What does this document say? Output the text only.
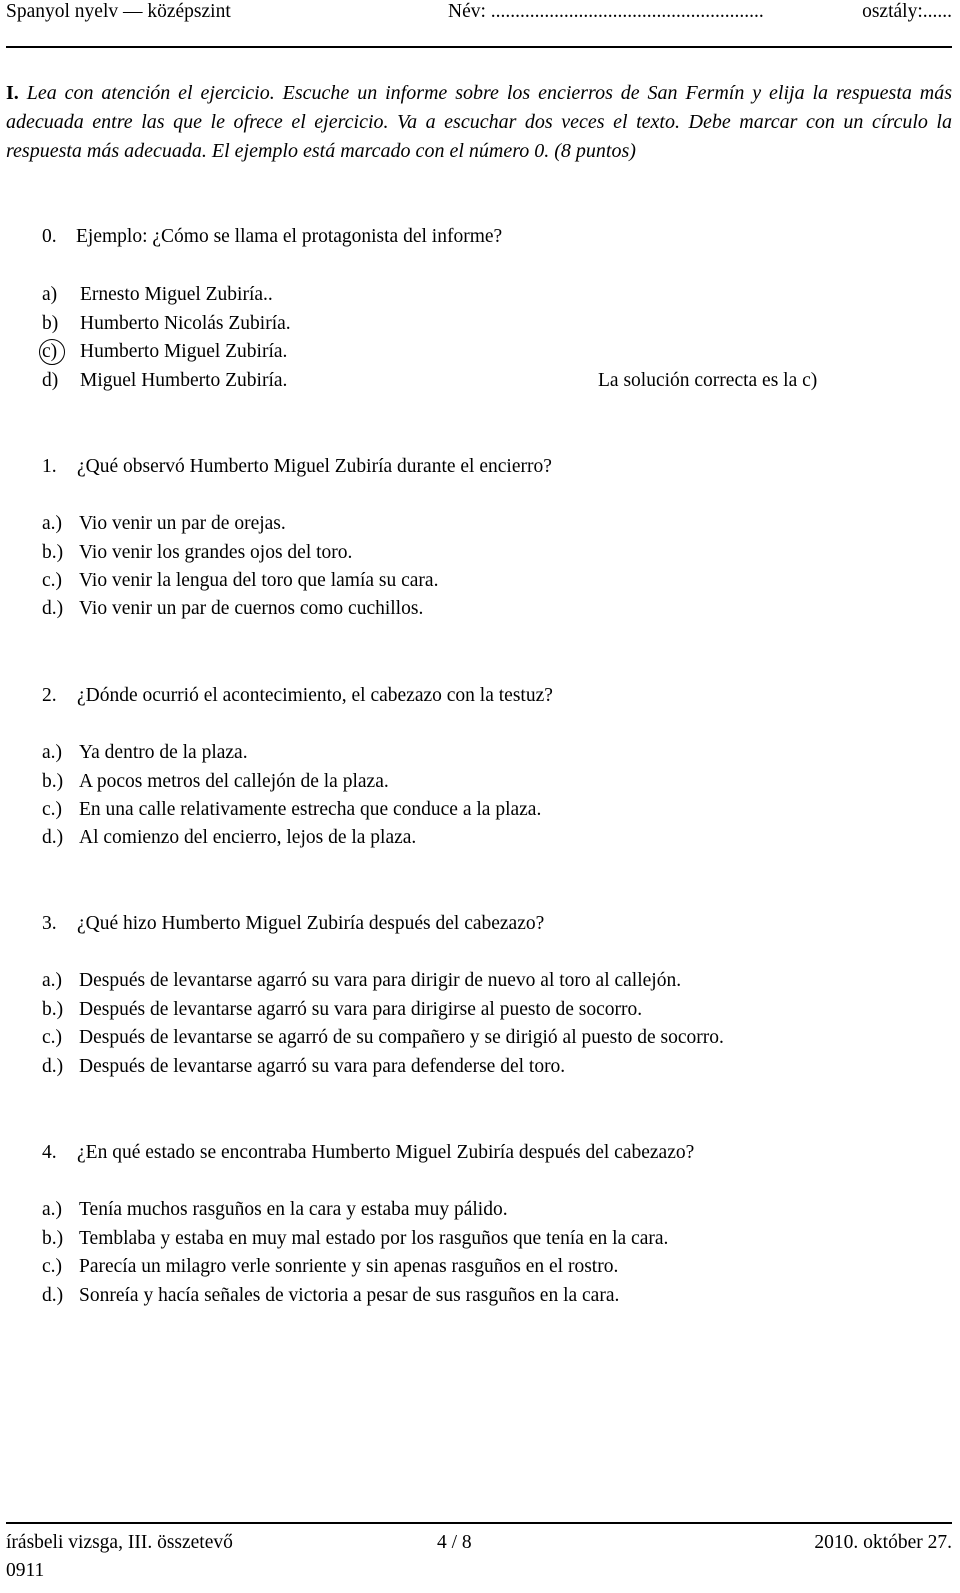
Spanyol nyelv — középszint	Név: ........................................................	osztály:......
I. Lea con atención el ejercicio. Escuche un informe sobre los encierros de San Fermín y elija la respuesta más adecuada entre las que le ofrece el ejercicio. Va a escuchar dos veces el texto. Debe marcar con un círculo la respuesta más adecuada. El ejemplo está marcado con el número 0. (8 puntos)
0. Ejemplo: ¿Cómo se llama el protagonista del informe?
a) Ernesto Miguel Zubiría..
b) Humberto Nicolás Zubiría.
c) Humberto Miguel Zubiría.
d) Miguel Humberto Zubiría.	La solución correcta es la c)
1. ¿Qué observó Humberto Miguel Zubiría durante el encierro?
a.) Vio venir un par de orejas.
b.) Vio venir los grandes ojos del toro.
c.) Vio venir la lengua del toro que lamía su cara.
d.) Vio venir un par de cuernos como cuchillos.
2. ¿Dónde ocurrió el acontecimiento, el cabezazo con la testuz?
a.) Ya dentro de la plaza.
b.) A pocos metros del callejón de la plaza.
c.) En una calle relativamente estrecha que conduce a la plaza.
d.) Al comienzo del encierro, lejos de la plaza.
3. ¿Qué hizo Humberto Miguel Zubiría después del cabezazo?
a.) Después de levantarse agarró su vara para dirigir de nuevo al toro al callejón.
b.) Después de levantarse agarró su vara para dirigirse al puesto de socorro.
c.) Después de levantarse se agarró de su compañero y se dirigió al puesto de socorro.
d.) Después de levantarse agarró su vara para defenderse del toro.
4. ¿En qué estado se encontraba Humberto Miguel Zubiría después del cabezazo?
a.) Tenía muchos rasguños en la cara y estaba muy pálido.
b.) Temblaba y estaba en muy mal estado por los rasguños que tenía en la cara.
c.) Parecía un milagro verle sonriente y sin apenas rasguños en el rostro.
d.) Sonreía y hacía señales de victoria a pesar de sus rasguños en la cara.
írásbeli vizsga, III. összetevő	4 / 8	2010. október 27.
0911
